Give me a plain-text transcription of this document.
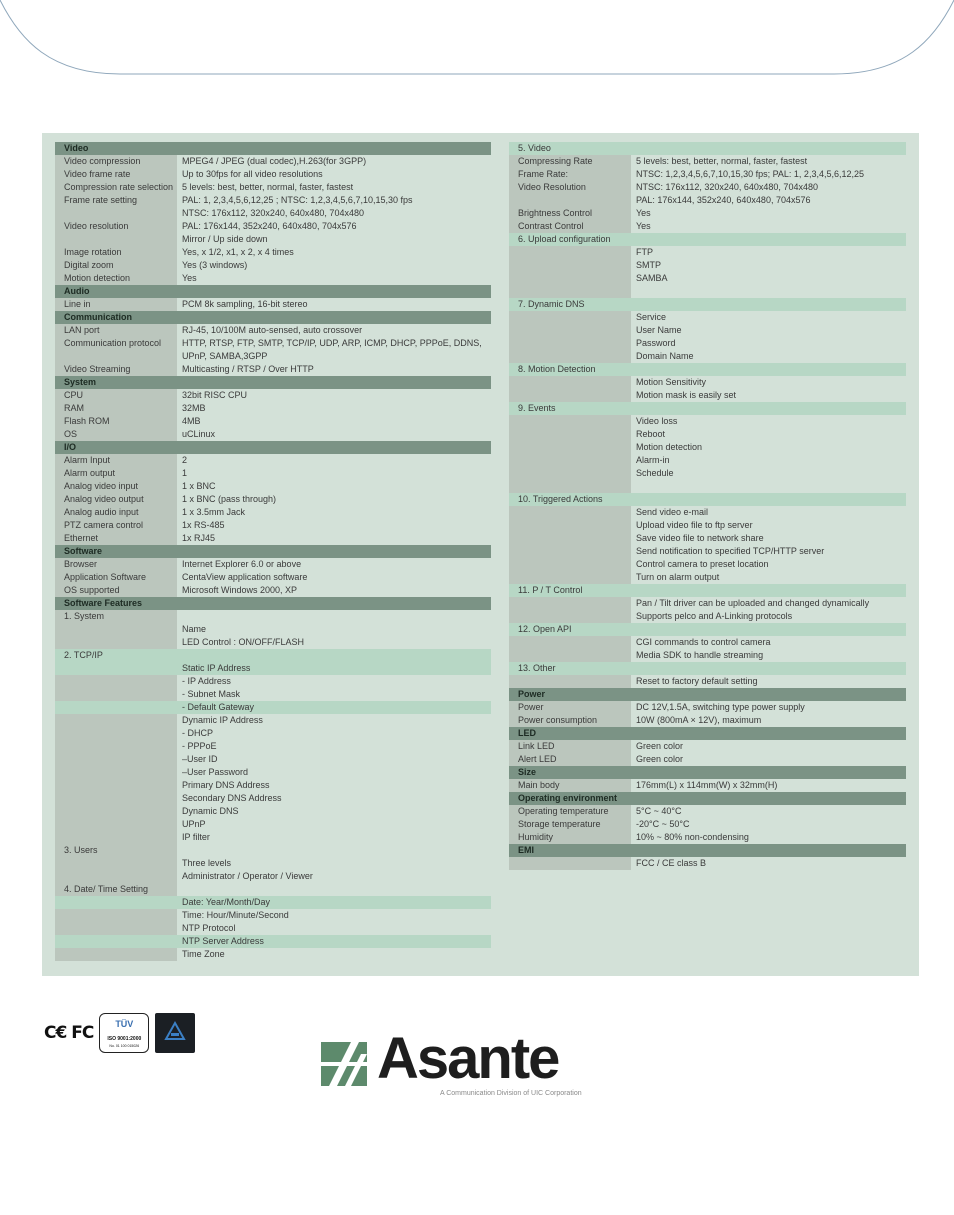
Video
Video compression	MPEG4 / JPEG (dual codec),H.263(for 3GPP)
Video frame rate	Up to 30fps for all video resolutions
Compression rate selection 5 levels: best, better, normal, faster, fastest
Frame rate setting	PAL: 1, 2,3,4,5,6,12,25 ; NTSC: 1,2,3,4,5,6,7,10,15,30 fps
NTSC: 176x112, 320x240, 640x480, 704x480
Video resolution	PAL: 176x144, 352x240, 640x480, 704x576
Mirror / Up side down
Image rotation	Yes, x 1/2, x1, x 2, x 4 times
Digital zoom	Yes (3 windows)
Motion detection	Yes
Audio
Line in	PCM 8k sampling, 16-bit stereo
Communication
LAN port	RJ-45, 10/100M auto-sensed, auto crossover
Communication protocol	HTTP, RTSP, FTP, SMTP, TCP/IP, UDP, ARP, ICMP, DHCP, PPPoE, DDNS,
UPnP, SAMBA,3GPP
Video Streaming	Multicasting / RTSP / Over HTTP
System
CPU	32bit RISC CPU
RAM	32MB
Flash ROM	4MB
OS	uCLinux
I/O
Alarm Input	2
Alarm output	1
Analog video input	1 x BNC
Analog video output	1 x BNC (pass through)
Analog audio input	1 x 3.5mm Jack
PTZ camera control	1x RS-485
Ethernet	1x RJ45
Software
Browser	Internet Explorer 6.0 or above
Application Software	CentaView application software
OS supported	Microsoft Windows 2000, XP
Software Features
1. System
Name
LED Control : ON/OFF/FLASH
2. TCP/IP
Static IP Address
- IP Address
- Subnet Mask
- Default Gateway
Dynamic IP Address
- DHCP
- PPPoE
–User ID
–User Password
Primary DNS Address
Secondary DNS Address
Dynamic DNS
UPnP
IP filter
3. Users
Three levels
Administrator / Operator / Viewer
4. Date/ Time Setting
Date: Year/Month/Day
Time: Hour/Minute/Second
NTP Protocol
NTP Server Address
Time Zone
5. Video
Compressing Rate	5 levels: best, better, normal, faster, fastest
Frame Rate:	NTSC: 1,2,3,4,5,6,7,10,15,30 fps; PAL: 1, 2,3,4,5,6,12,25
Video Resolution	NTSC: 176x112, 320x240, 640x480, 704x480
PAL: 176x144, 352x240, 640x480, 704x576
Brightness Control	Yes
Contrast Control	Yes
6. Upload configuration
FTP
SMTP
SAMBA
7. Dynamic DNS
Service
User Name
Password
Domain Name
8. Motion Detection
Motion Sensitivity
Motion mask is easily set
9. Events
Video loss
Reboot
Motion detection
Alarm-in
Schedule
10. Triggered Actions
Send video e-mail
Upload video file to ftp server
Save video file to network share
Send notification to specified TCP/HTTP server
Control camera to preset location
Turn on alarm output
11. P / T Control
Pan / Tilt driver can be uploaded and changed dynamically
Supports pelco and A-Linking protocols
12. Open API
CGI commands to control camera
Media SDK to handle streaming
13. Other
Reset to factory default setting
Power
Power	DC 12V,1.5A, switching type power supply
Power consumption	10W (800mA × 12V), maximum
LED
Link LED	Green color
Alert LED	Green color
Size
Main body	176mm(L) x 114mm(W) x 32mm(H)
Operating environment
Operating temperature	5°C ~ 40°C
Storage temperature	-20°C ~ 50°C
Humidity	10% ~ 80% non-condensing
EMI
FCC / CE class B
C€ FC	TÜV
ISO 9001:2000
No. 01 100 015026	Asante
A Communication Division of UIC Corporation
